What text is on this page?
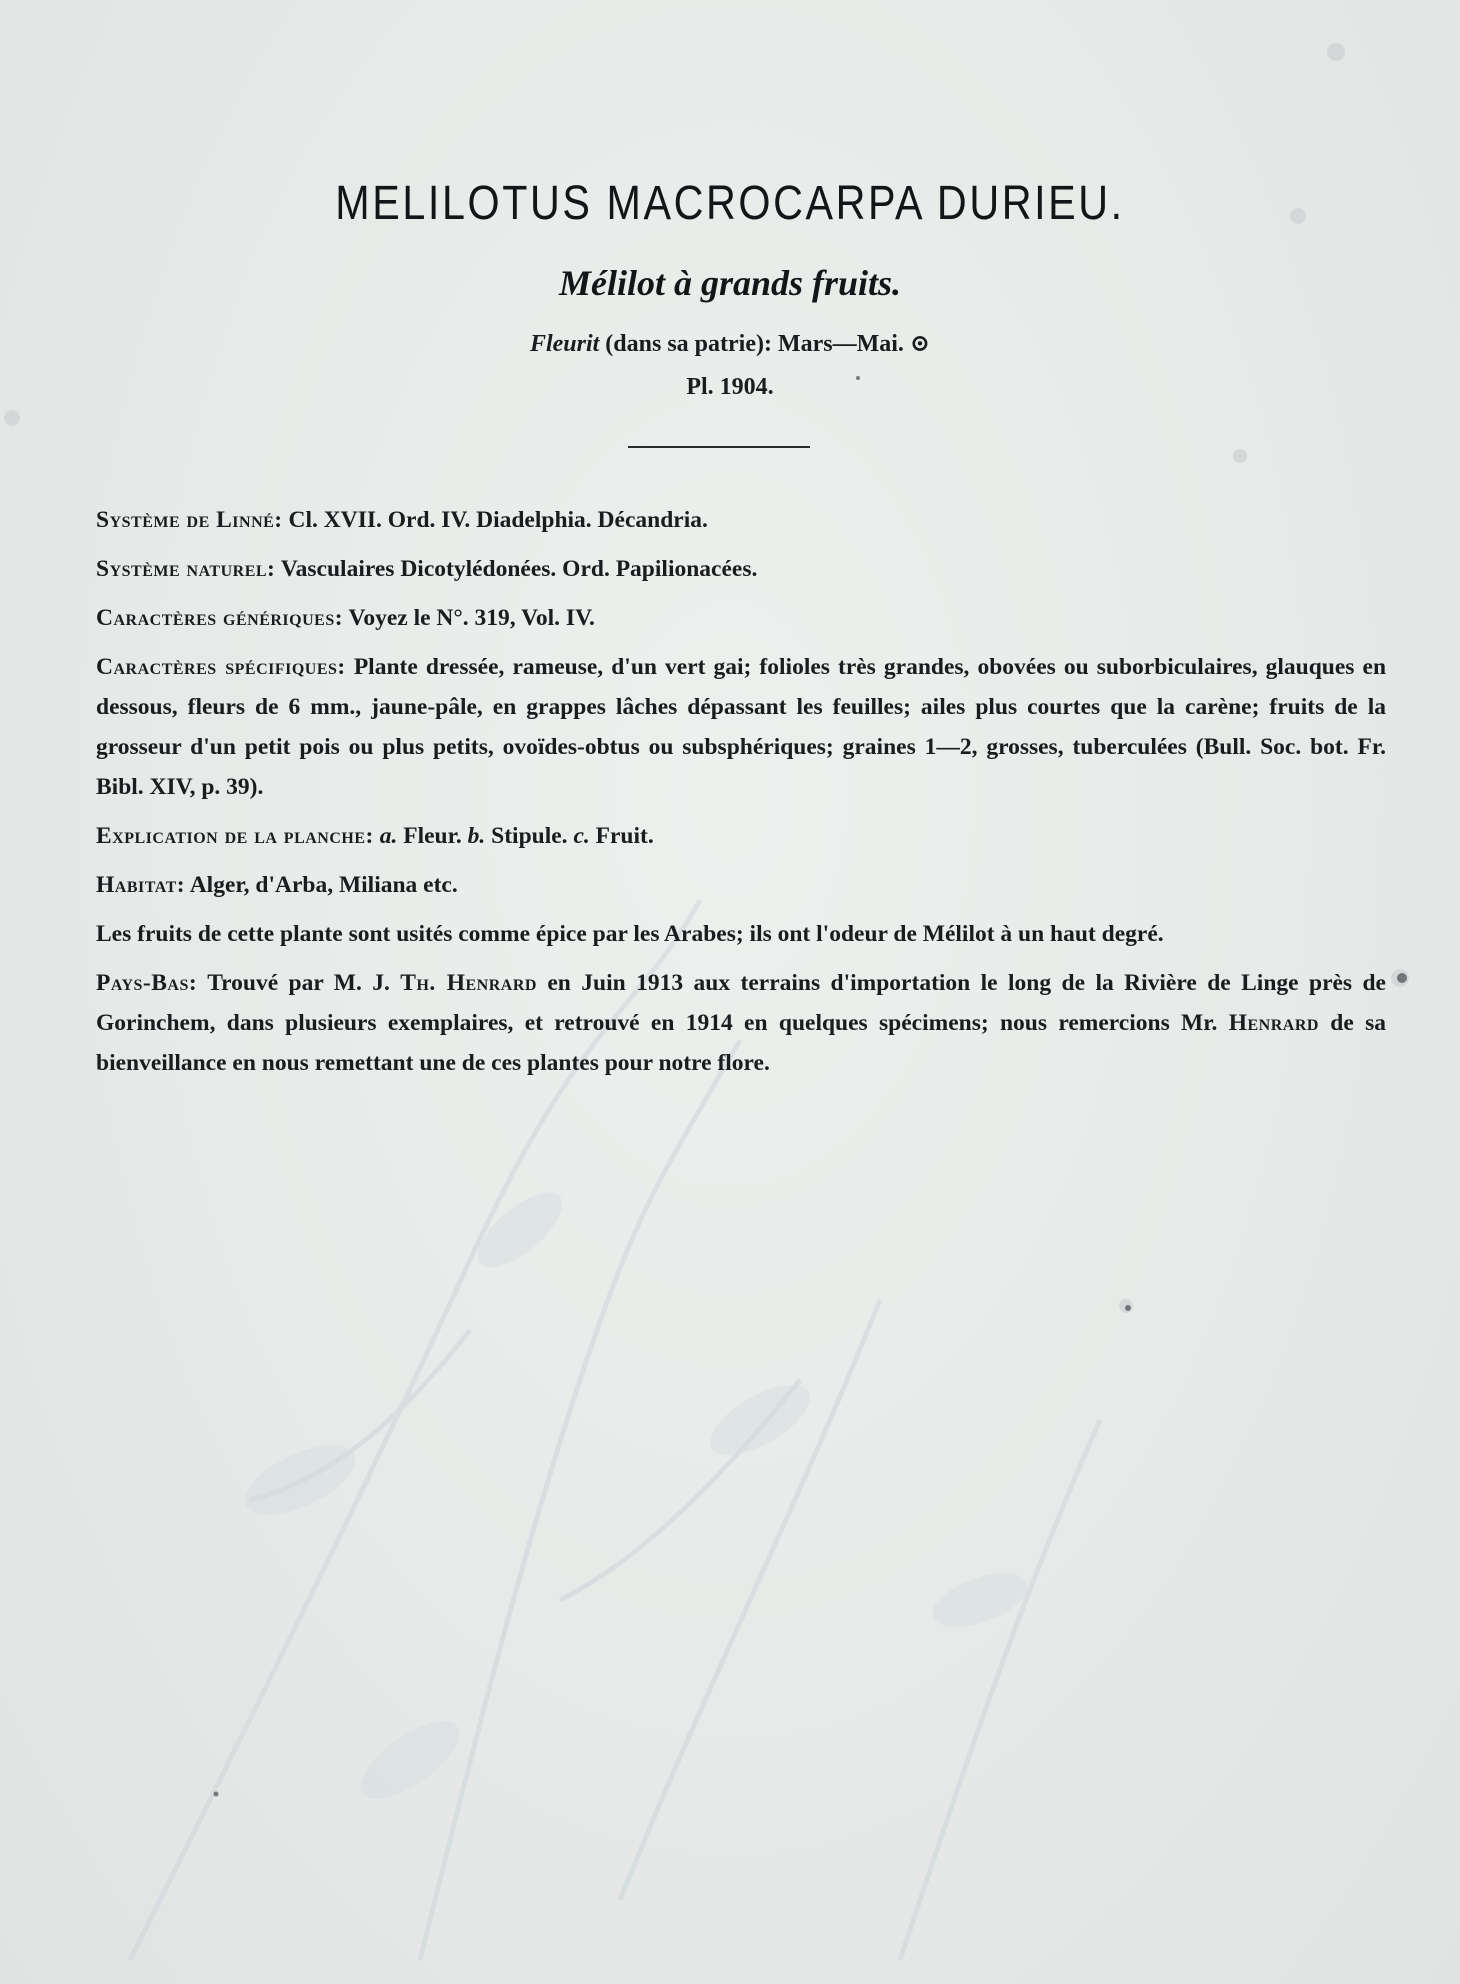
MELILOTUS MACROCARPA DURIEU.
Mélilot à grands fruits.
Fleurit (dans sa patrie): Mars—Mai. ⊙
Pl. 1904.

Système de Linné: Cl. XVII. Ord. IV. Diadelphia. Décandria.

Système naturel: Vasculaires Dicotylédonées. Ord. Papilionacées.

Caractères génériques: Voyez le N°. 319, Vol. IV.

Caractères spécifiques: Plante dressée, rameuse, d'un vert gai; folioles très grandes, obovées ou suborbiculaires, glauques en dessous, fleurs de 6 mm., jaune-pâle, en grappes lâches dépassant les feuilles; ailes plus courtes que la carène; fruits de la grosseur d'un petit pois ou plus petits, ovoïdes-obtus ou subsphériques; graines 1—2, grosses, tuberculées (Bull. Soc. bot. Fr. Bibl. XIV, p. 39).

Explication de la planche: a. Fleur. b. Stipule. c. Fruit.

Habitat: Alger, d'Arba, Miliana etc.

Les fruits de cette plante sont usités comme épice par les Arabes; ils ont l'odeur de Mélilot à un haut degré.

Pays-Bas: Trouvé par M. J. Th. Henrard en Juin 1913 aux terrains d'importation le long de la Rivière de Linge près de Gorinchem, dans plusieurs exemplaires, et retrouvé en 1914 en quelques spécimens; nous remercions Mr. Henrard de sa bienveillance en nous remettant une de ces plantes pour notre flore.
